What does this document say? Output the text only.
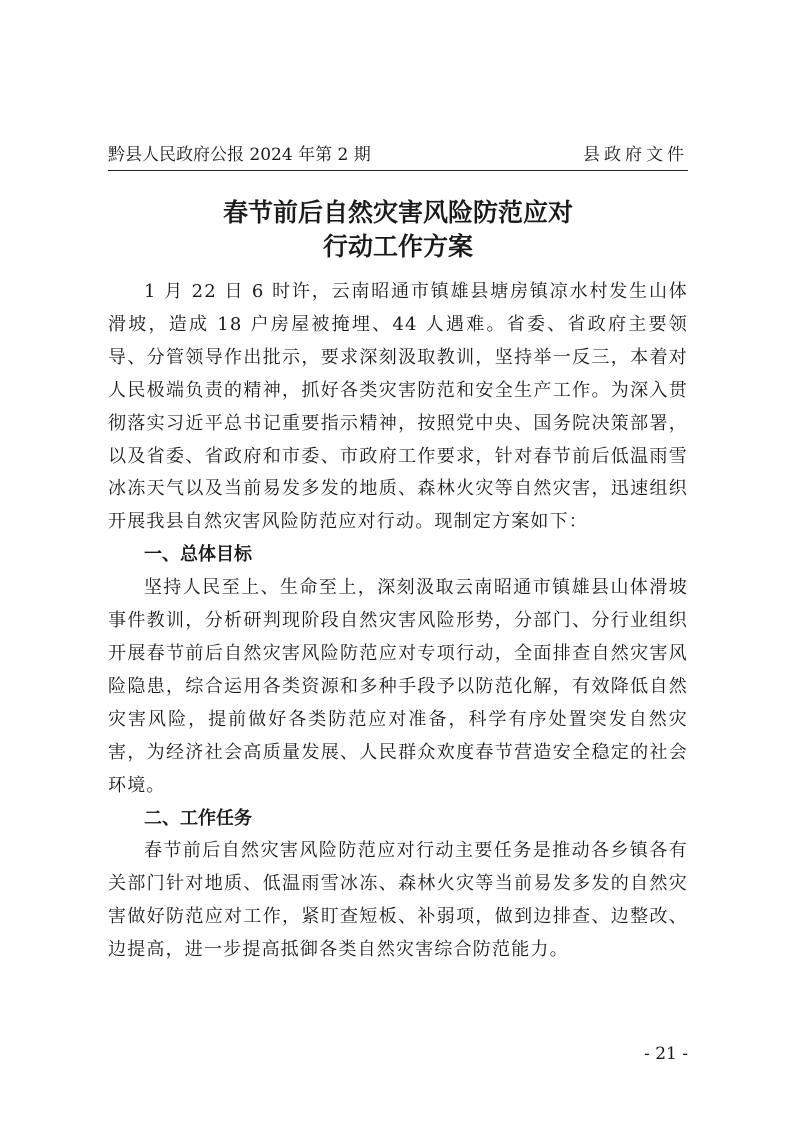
黔县人民政府公报 2024 年第 2 期	县政府文件
春节前后自然灾害风险防范应对
行动工作方案

1 月 22 日 6 时许，云南昭通市镇雄县塘房镇凉水村发生山体滑坡，造成 18 户房屋被掩埋、44 人遇难。省委、省政府主要领导、分管领导作出批示，要求深刻汲取教训，坚持举一反三，本着对人民极端负责的精神，抓好各类灾害防范和安全生产工作。为深入贯彻落实习近平总书记重要指示精神，按照党中央、国务院决策部署，以及省委、省政府和市委、市政府工作要求，针对春节前后低温雨雪冰冻天气以及当前易发多发的地质、森林火灾等自然灾害，迅速组织开展我县自然灾害风险防范应对行动。现制定方案如下：

一、总体目标

坚持人民至上、生命至上，深刻汲取云南昭通市镇雄县山体滑坡事件教训，分析研判现阶段自然灾害风险形势，分部门、分行业组织开展春节前后自然灾害风险防范应对专项行动，全面排查自然灾害风险隐患，综合运用各类资源和多种手段予以防范化解，有效降低自然灾害风险，提前做好各类防范应对准备，科学有序处置突发自然灾害，为经济社会高质量发展、人民群众欢度春节营造安全稳定的社会环境。

二、工作任务

春节前后自然灾害风险防范应对行动主要任务是推动各乡镇各有关部门针对地质、低温雨雪冰冻、森林火灾等当前易发多发的自然灾害做好防范应对工作，紧盯查短板、补弱项，做到边排查、边整改、边提高，进一步提高抵御各类自然灾害综合防范能力。

- 21 -
